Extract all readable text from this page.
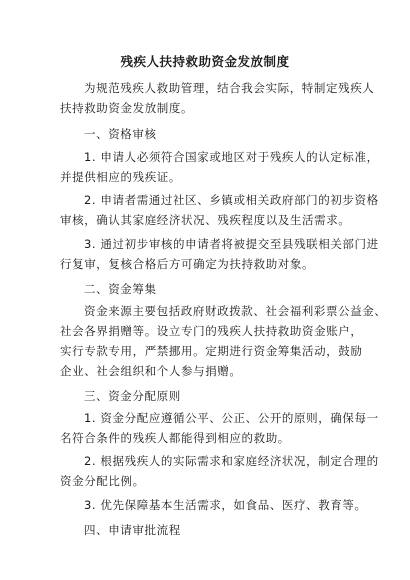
残疾人扶持救助资金发放制度

为规范残疾人救助管理，结合我会实际，特制定残疾人

扶持救助资金发放制度。

一、资格审核

1. 申请人必须符合国家或地区对于残疾人的认定标准，

并提供相应的残疾证。

2. 申请者需通过社区、乡镇或相关政府部门的初步资格

审核，确认其家庭经济状况、残疾程度以及生活需求。

3. 通过初步审核的申请者将被提交至县残联相关部门进

行复审，复核合格后方可确定为扶持救助对象。

二、资金筹集

资金来源主要包括政府财政拨款、社会福利彩票公益金、

社会各界捐赠等。设立专门的残疾人扶持救助资金账户，

实行专款专用，严禁挪用。定期进行资金筹集活动，鼓励

企业、社会组织和个人参与捐赠。

三、资金分配原则

1. 资金分配应遵循公平、公正、公开的原则，确保每一

名符合条件的残疾人都能得到相应的救助。

2. 根据残疾人的实际需求和家庭经济状况，制定合理的

资金分配比例。

3. 优先保障基本生活需求，如食品、医疗、教育等。

四、申请审批流程
